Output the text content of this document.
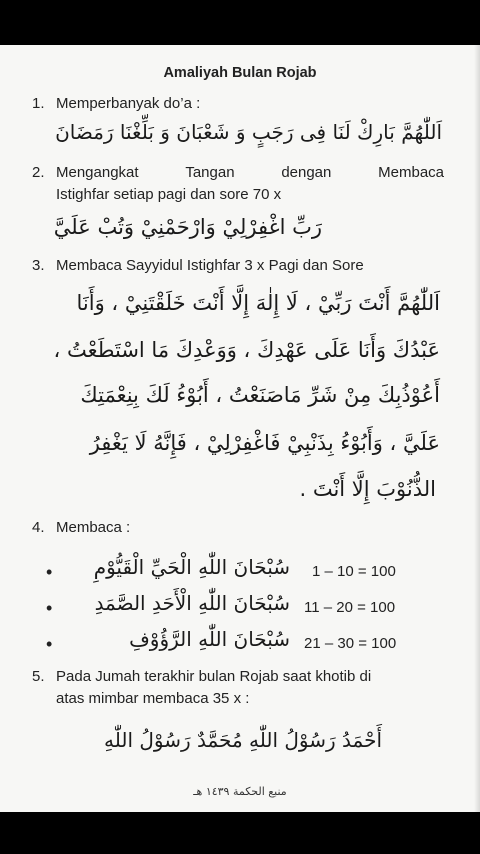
Amaliyah Bulan Rojab
1. Memperbanyak do’a :
اَللّٰهُمَّ بَارِكْ لَنَا فِى رَجَبٍ وَ شَعْبَانَ وَ بَلِّغْنَا رَمَضَانَ
2. Mengangkat	Tangan	dengan	Membaca
Istighfar setiap pagi dan sore 70 x
رَبِّ اغْفِرْلِيْ وَارْحَمْنِيْ وَتُبْ عَلَيَّ
3. Membaca Sayyidul Istighfar 3 x Pagi dan Sore
اَللّٰهُمَّ أَنْتَ رَبِّيْ ، لَا إِلٰهَ إِلَّا أَنْتَ خَلَقْتَنِيْ ، وَأَنَا
عَبْدُكَ وَأَنَا عَلَى عَهْدِكَ ، وَوَعْدِكَ مَا اسْتَطَعْتُ ،
أَعُوْذُبِكَ مِنْ شَرِّ مَاصَنَعْتُ ، أَبُوْءُ لَكَ بِنِعْمَتِكَ
عَلَيَّ ، وَأَبُوْءُ بِذَنْبِيْ فَاغْفِرْلِيْ ، فَإِنَّهُ لَا يَغْفِرُ
الذُّنُوْبَ إِلَّا أَنْتَ .
4. Membaca :
• سُبْحَانَ اللّٰهِ الْحَيِّ الْقَيُّوْمِ 1 – 10 = 100
• سُبْحَانَ اللّٰهِ الْأَحَدِ الصَّمَدِ 11 – 20 = 100
•	سُبْحَانَ اللّٰهِ الرَّؤُوْفِ 21 – 30 = 100
5. Pada Jumah terakhir bulan Rojab saat khotib di
atas mimbar membaca 35 x :
أَحْمَدُ رَسُوْلُ اللّٰهِ مُحَمَّدٌ رَسُوْلُ اللّٰهِ
منبع الحكمة ١٤٣٩ هـ
